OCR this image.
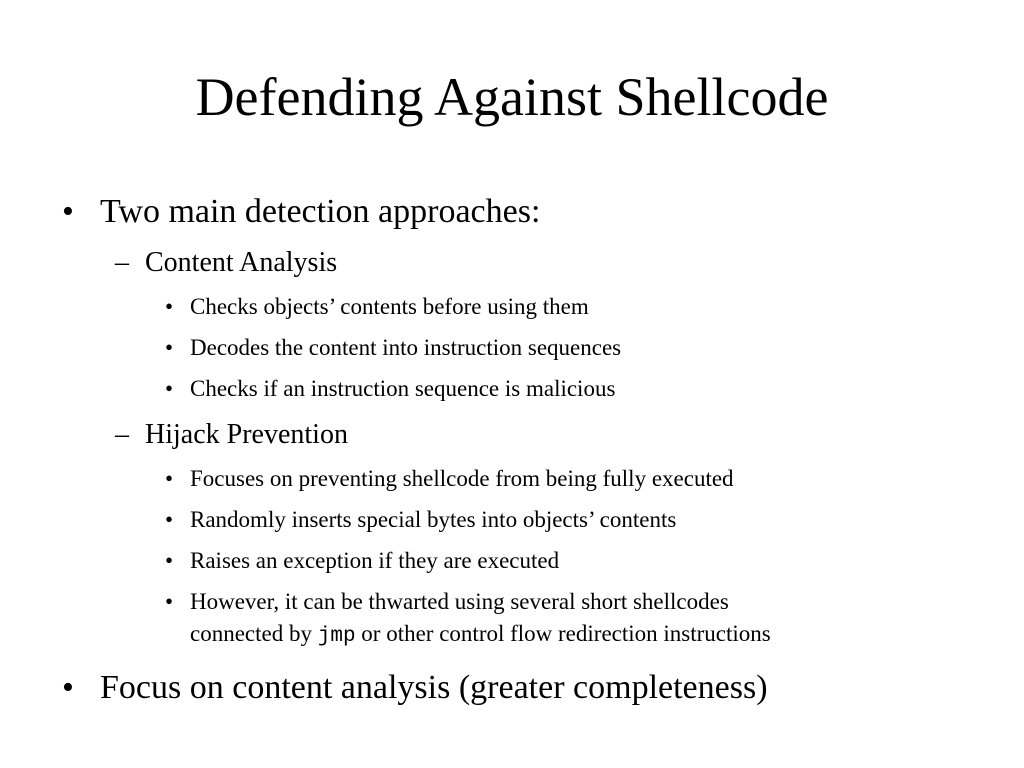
Defending Against Shellcode
• Two main detection approaches:
– Content Analysis
• Checks objects’ contents before using them
• Decodes the content into instruction sequences
• Checks if an instruction sequence is malicious
– Hijack Prevention
• Focuses on preventing shellcode from being fully executed
• Randomly inserts special bytes into objects’ contents
• Raises an exception if they are executed
• However, it can be thwarted using several short shellcodes
connected by jmp or other control flow redirection instructions
• Focus on content analysis (greater completeness)
